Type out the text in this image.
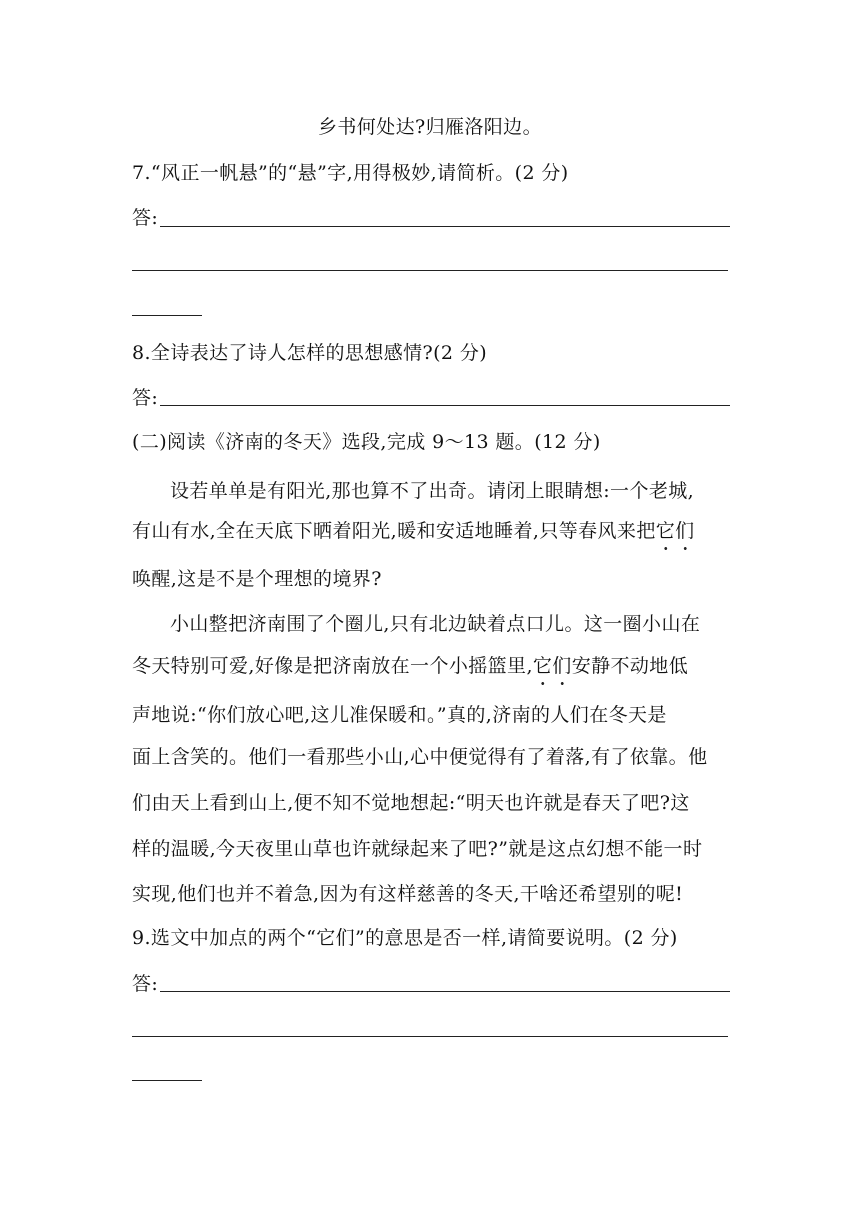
乡书何处达?归雁洛阳边。
7.“风正一帆悬”的“悬”字,用得极妙,请简析。(2 分)
答:
8.全诗表达了诗人怎样的思想感情?(2 分)
答:
(二)阅读《济南的冬天》选段,完成 9～13 题。(12 分)
设若单单是有阳光,那也算不了出奇。请闭上眼睛想:一个老城,
有山有水,全在天底下晒着阳光,暖和安适地睡着,只等春风来把它们
唤醒,这是不是个理想的境界?
小山整把济南围了个圈儿,只有北边缺着点口儿。这一圈小山在
冬天特别可爱,好像是把济南放在一个小摇篮里,它们安静不动地低
声地说:“你们放心吧,这儿准保暖和。”真的,济南的人们在冬天是
面上含笑的。他们一看那些小山,心中便觉得有了着落,有了依靠。他
们由天上看到山上,便不知不觉地想起:“明天也许就是春天了吧?这
样的温暖,今天夜里山草也许就绿起来了吧?”就是这点幻想不能一时
实现,他们也并不着急,因为有这样慈善的冬天,干啥还希望别的呢!
9.选文中加点的两个“它们”的意思是否一样,请简要说明。(2 分)
答:
